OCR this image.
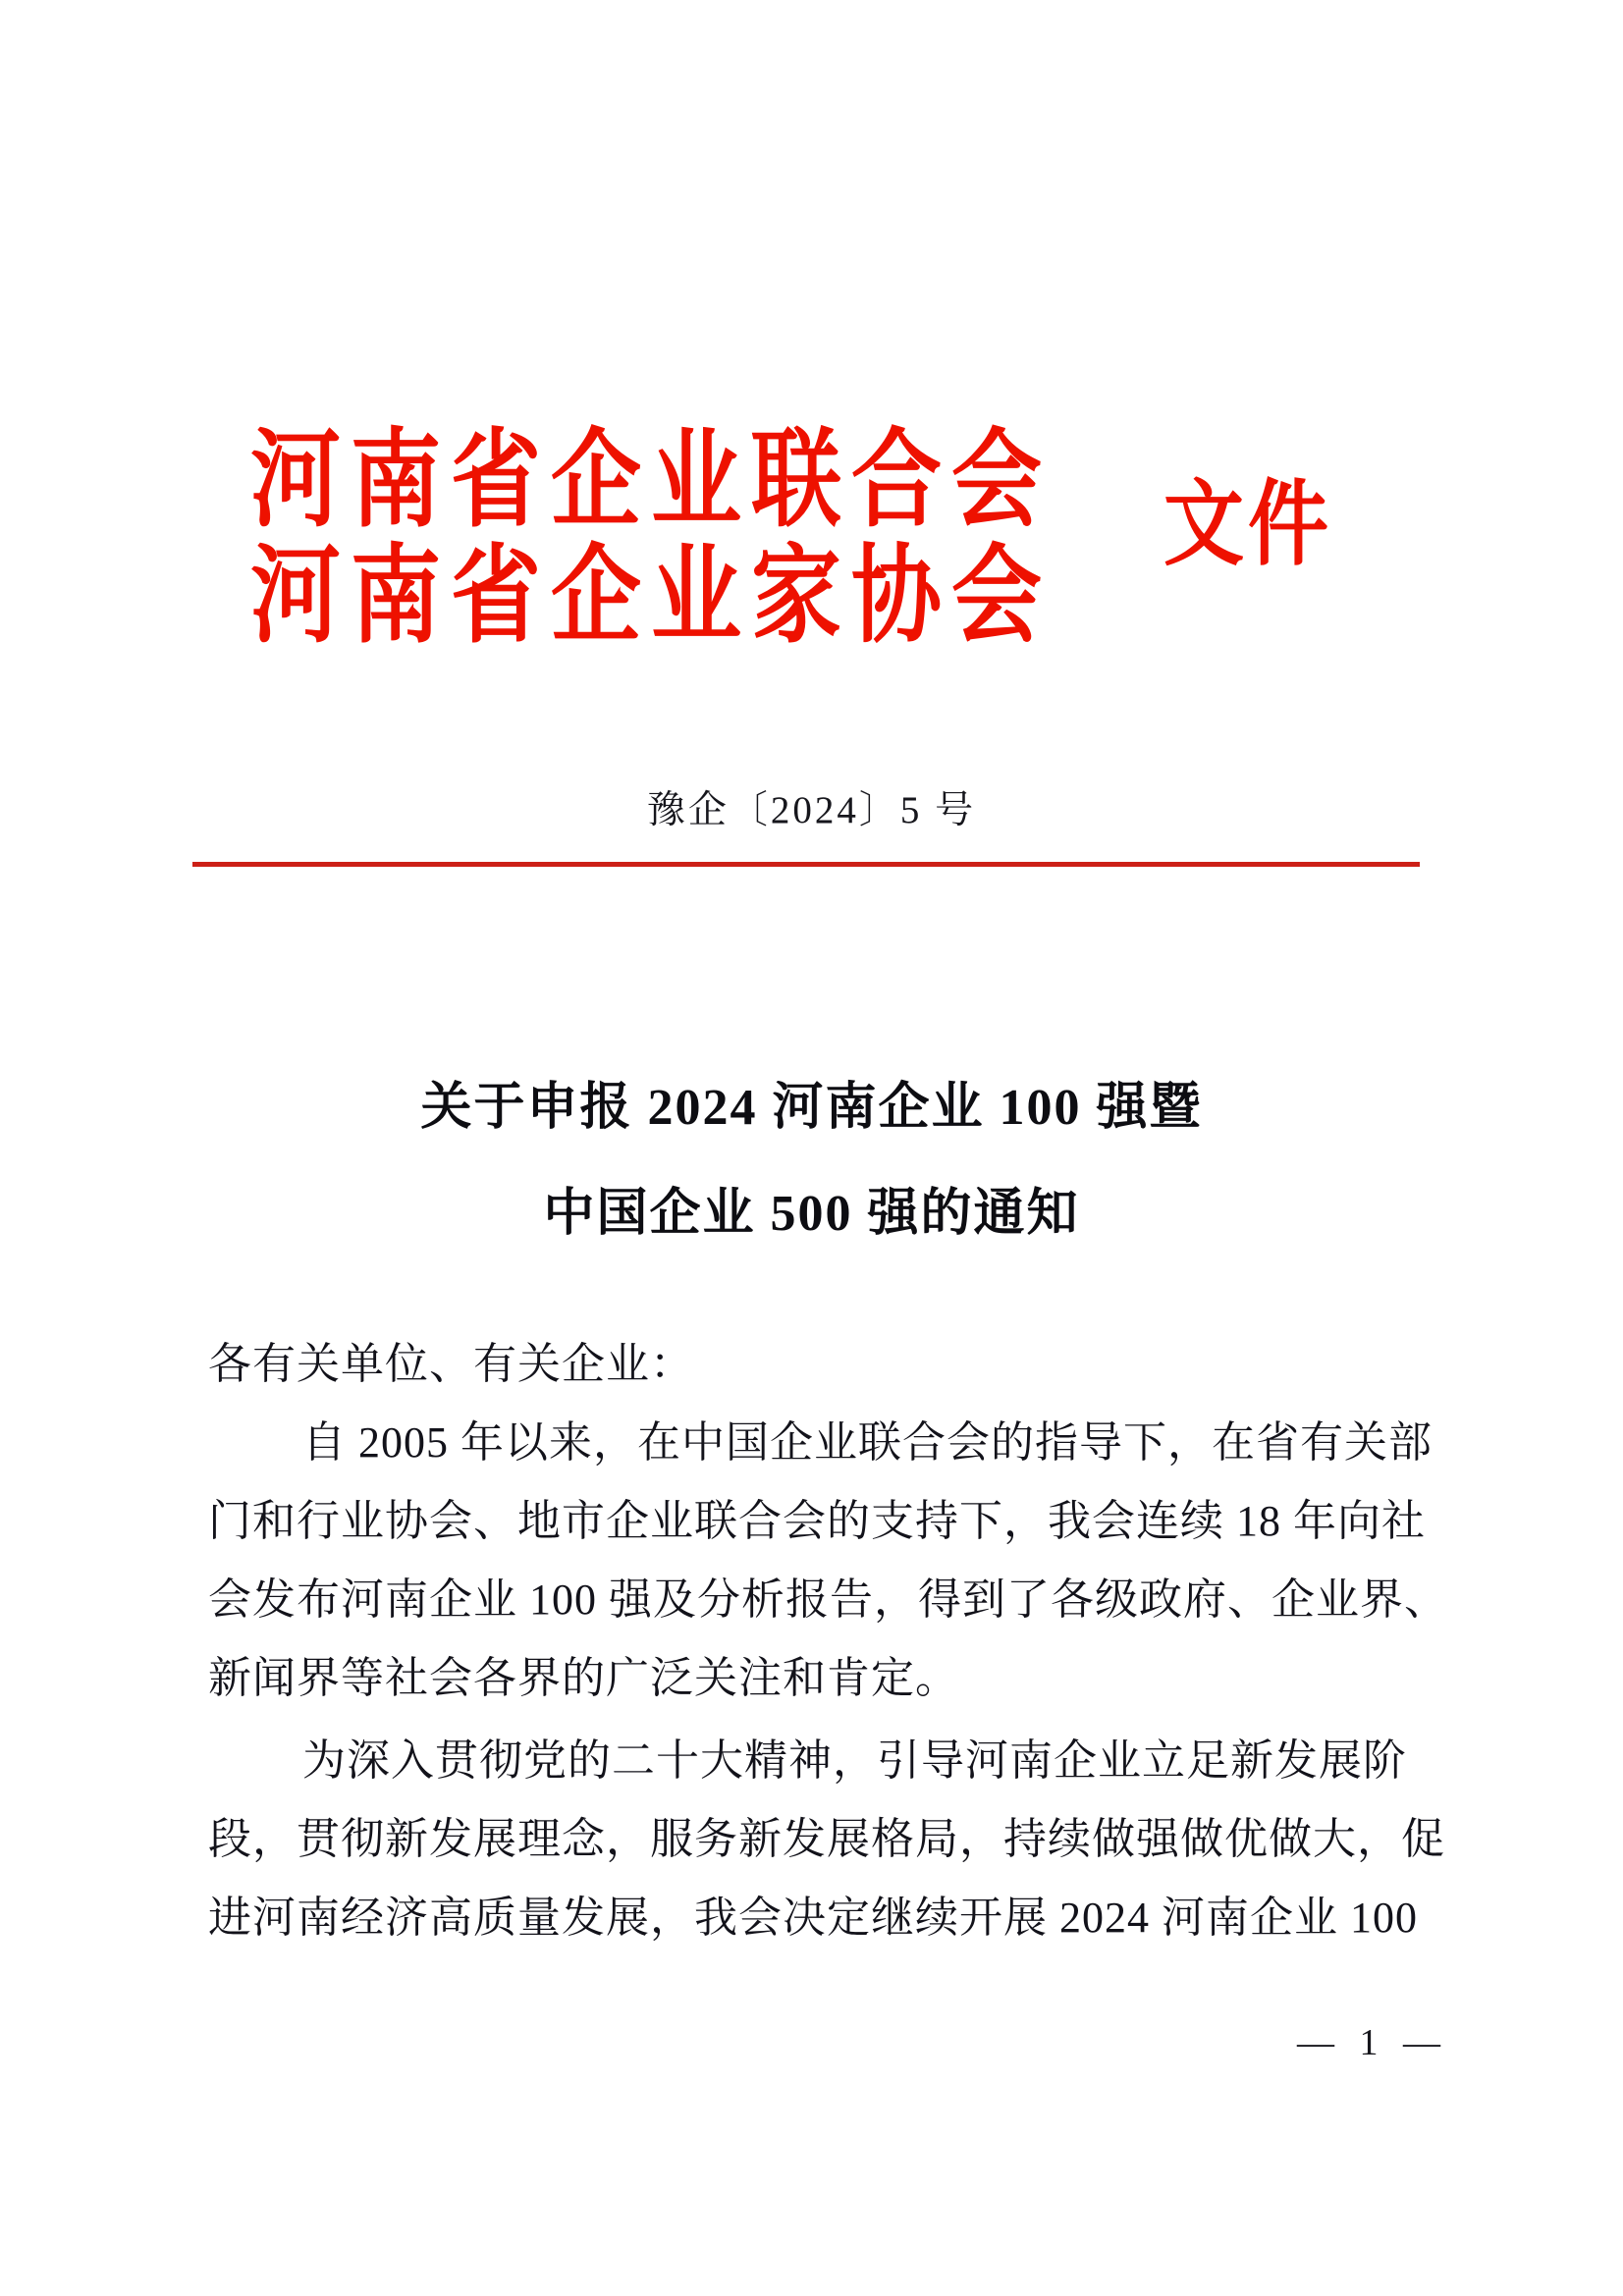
河南省企业联合会
河南省企业家协会
文件
豫企〔2024〕5 号
关于申报 2024 河南企业 100 强暨
中国企业 500 强的通知
各有关单位、有关企业：
自 2005 年以来，在中国企业联合会的指导下，在省有关部
门和行业协会、地市企业联合会的支持下，我会连续 18 年向社
会发布河南企业 100 强及分析报告，得到了各级政府、企业界、
新闻界等社会各界的广泛关注和肯定。
为深入贯彻党的二十大精神，引导河南企业立足新发展阶
段，贯彻新发展理念，服务新发展格局，持续做强做优做大，促
进河南经济高质量发展，我会决定继续开展 2024 河南企业 100
— 1 —
